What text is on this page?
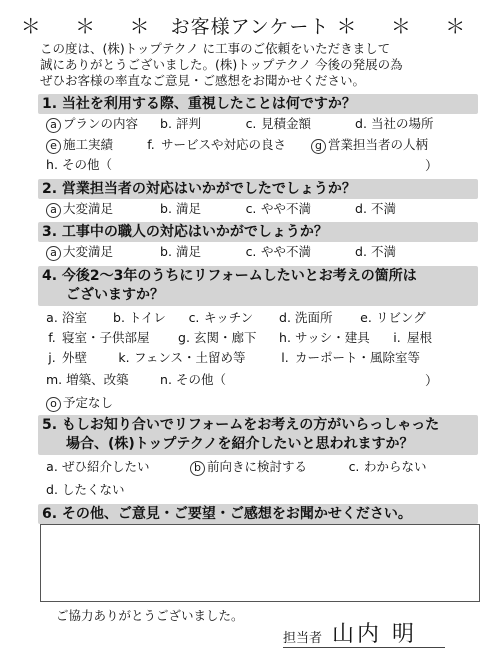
＊ ＊ ＊ お客様アンケート ＊ ＊ ＊
この度は、(株)トップテクノ に工事のご依頼をいただきまして
誠にありがとうございました。(株)トップテクノ 今後の発展の為
ぜひお客様の率直なご意見・ご感想をお聞かせください。
1. 当社を利用する際、重視したことは何ですか？
a プランの内容 b. 評判	c. 見積金額	d. 当社の場所
e 施工実績	f. サービスや対応の良さ	g 営業担当者の人柄
h. その他（	）
2. 営業担当者の対応はいかがでしたでしょうか？
a 大変満足	b. 満足	c. やや不満	d. 不満
3. 工事中の職人の対応はいかがでしょうか？
a 大変満足	b. 満足	c. やや不満	d. 不満
4. 今後2～3年のうちにリフォームしたいとお考えの箇所は
ございますか？
a. 浴室 b. トイレ c. キッチン d. 洗面所 e. リビング
f. 寝室・子供部屋 g. 玄関・廊下 h. サッシ・建具 i. 屋根
j. 外壁	k. フェンス・土留め等	l. カーポート・風除室等
m. 増築、改築	n. その他（	）
o 予定なし
5. もしお知り合いでリフォームをお考えの方がいらっしゃった
場合、(株)トップテクノを紹介したいと思われますか？
a. ぜひ紹介したい	b 前向きに検討する	c. わからない
d. したくない
6. その他、ご意見・ご要望・ご感想をお聞かせください。
ご協力ありがとうございました。
担当者 山内 明
